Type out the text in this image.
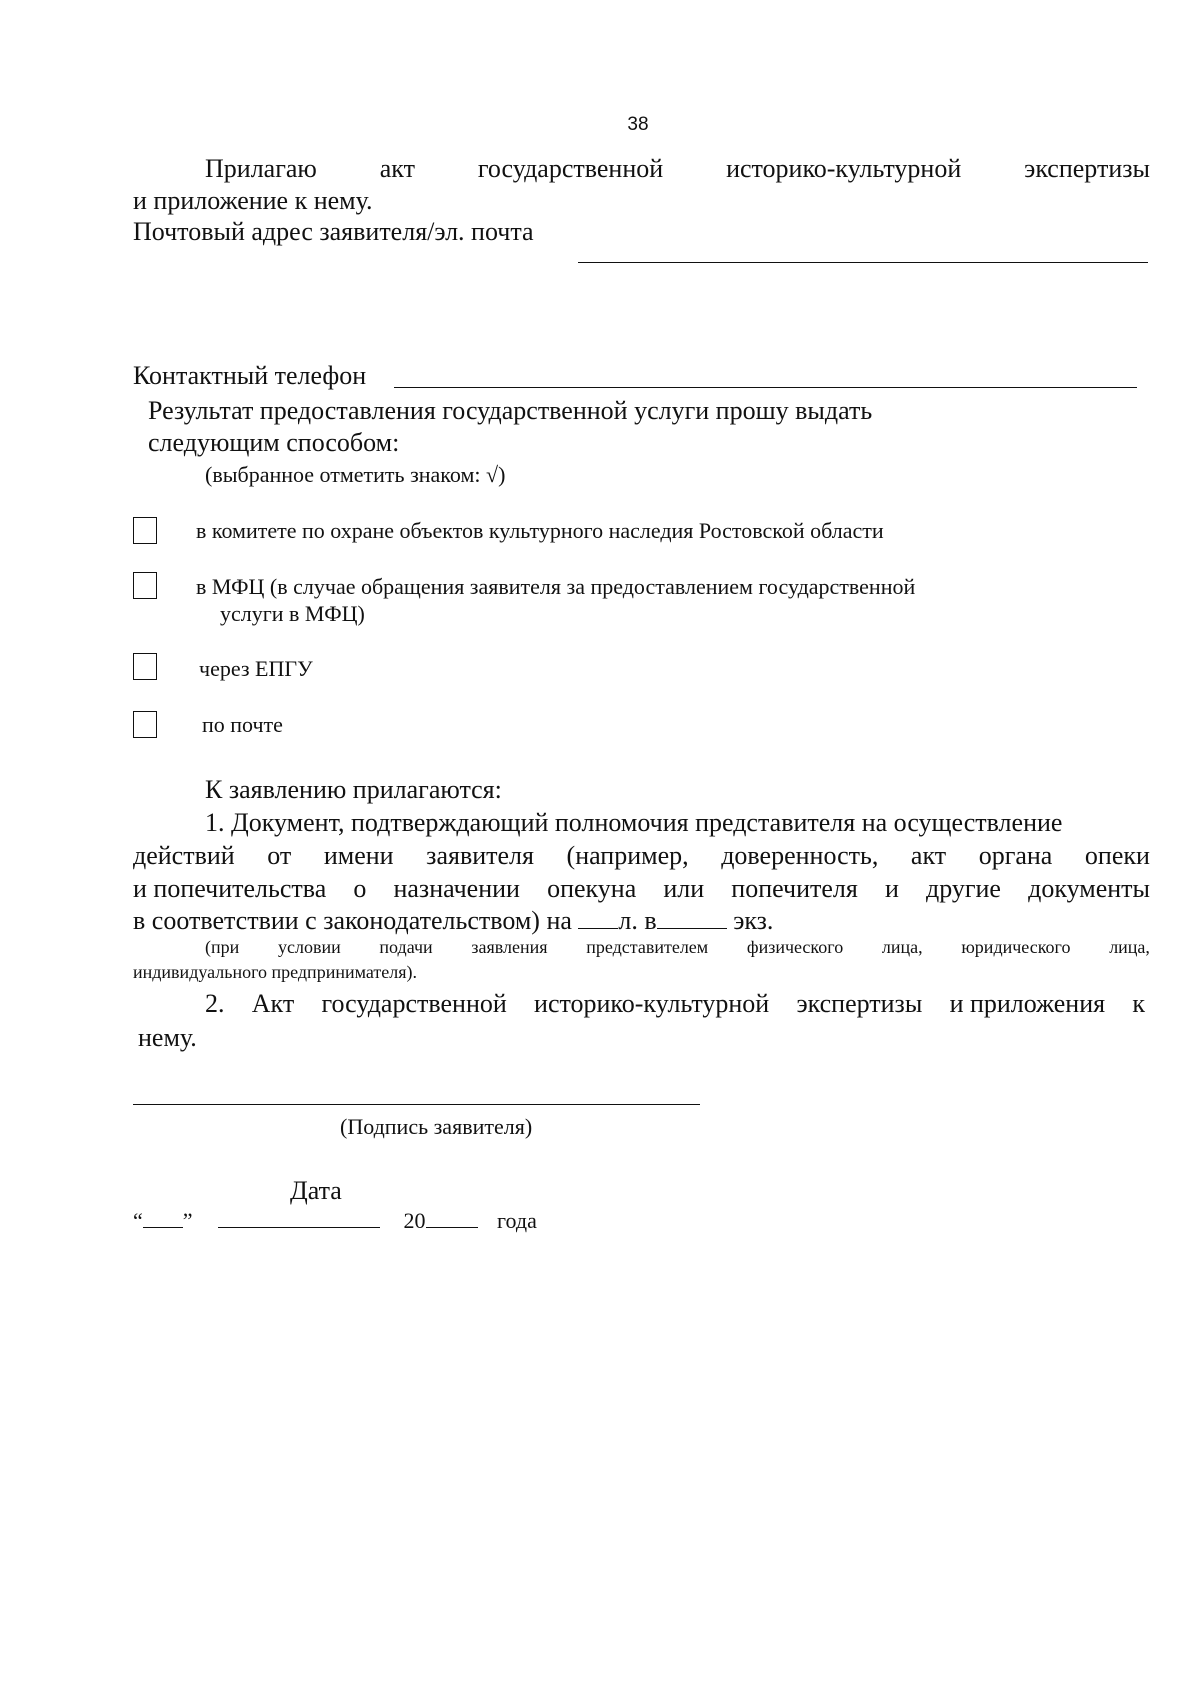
38
Прилагаю акт государственной историко-культурной экспертизы
и приложение к нему.
Почтовый адрес заявителя/эл. почта
Контактный телефон
Результат предоставления государственной услуги прошу выдать
следующим способом:
(выбранное отметить знаком: √)
в комитете по охране объектов культурного наследия Ростовской области
в МФЦ (в случае обращения заявителя за предоставлением государственной
услуги в МФЦ)
через ЕПГУ
по почте
К заявлению прилагаются:
1. Документ, подтверждающий полномочия представителя на осуществление
действий от имени заявителя (например, доверенность, акт органа опеки
и попечительства о назначении опекуна или попечителя и другие документы
в соответствии с законодательством) на л. в	экз.
(при условии подачи заявления представителем физического лица, юридического лица,
индивидуального предпринимателя).
2. Акт государственной историко-культурной экспертизы и приложения к
нему.
(Подпись заявителя)
Дата
“ ”	20	года
